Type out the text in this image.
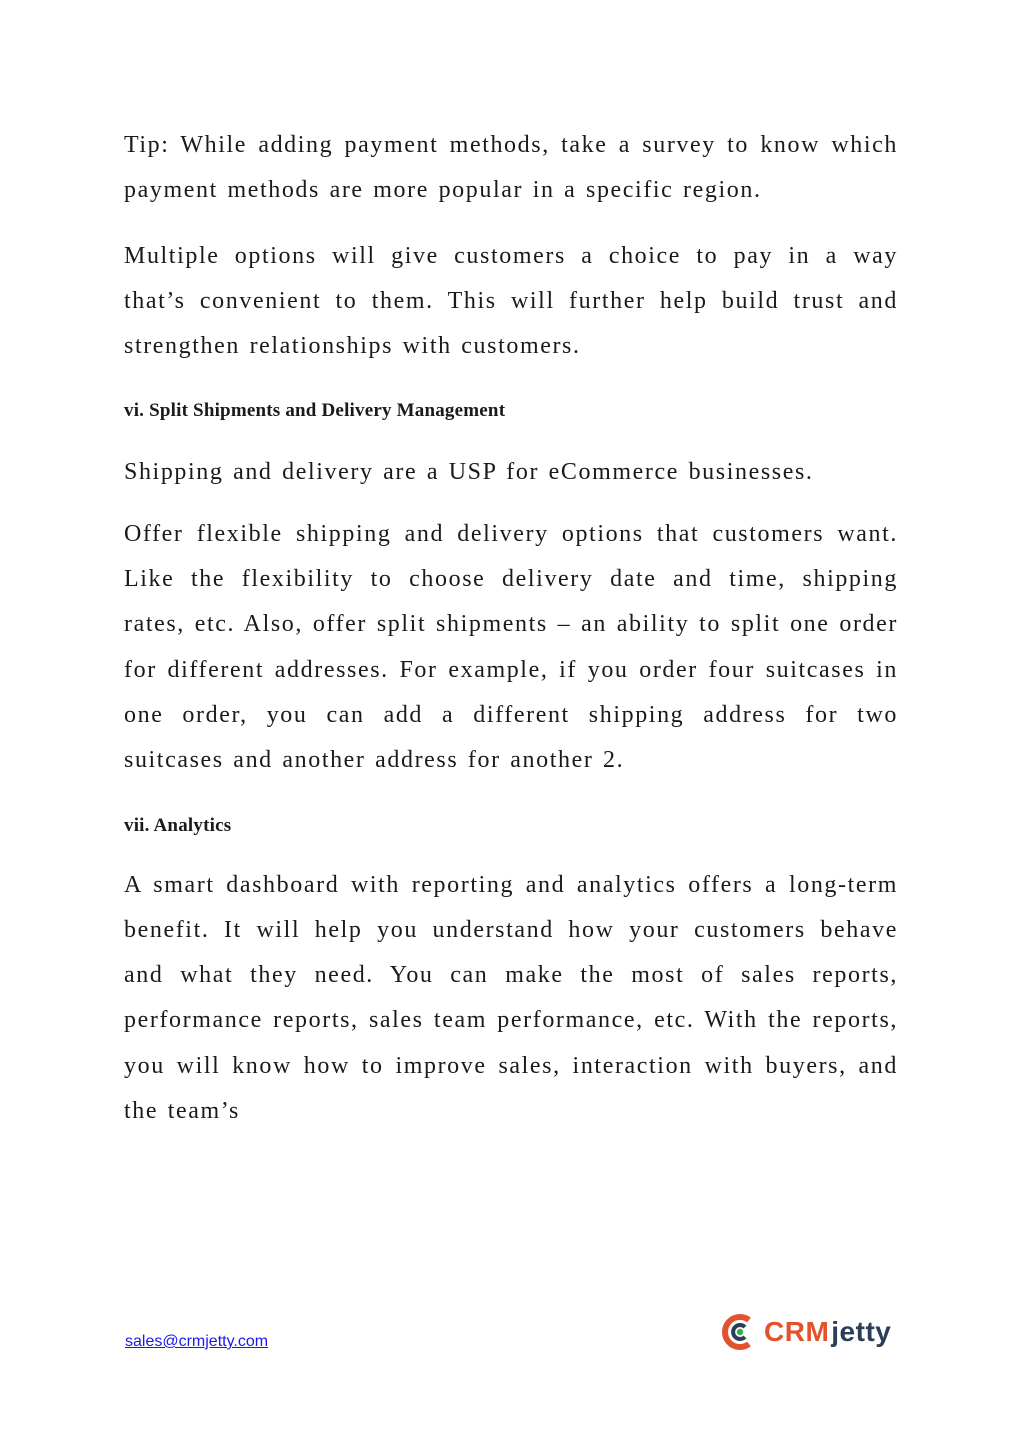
Tip: While adding payment methods, take a survey to know which payment methods are more popular in a specific region.

Multiple options will give customers a choice to pay in a way that’s convenient to them. This will further help build trust and strengthen relationships with customers.

vi. Split Shipments and Delivery Management

Shipping and delivery are a USP for eCommerce businesses.

Offer flexible shipping and delivery options that customers want. Like the flexibility to choose delivery date and time, shipping rates, etc. Also, offer split shipments – an ability to split one order for different addresses. For example, if you order four suitcases in one order, you can add a different shipping address for two suitcases and another address for another 2.

vii. Analytics

A smart dashboard with reporting and analytics offers a long-term benefit. It will help you understand how your customers behave and what they need. You can make the most of sales reports, performance reports, sales team performance, etc. With the reports, you will know how to improve sales, interaction with buyers, and the team’s

sales@crmjetty.com	CRM jetty
